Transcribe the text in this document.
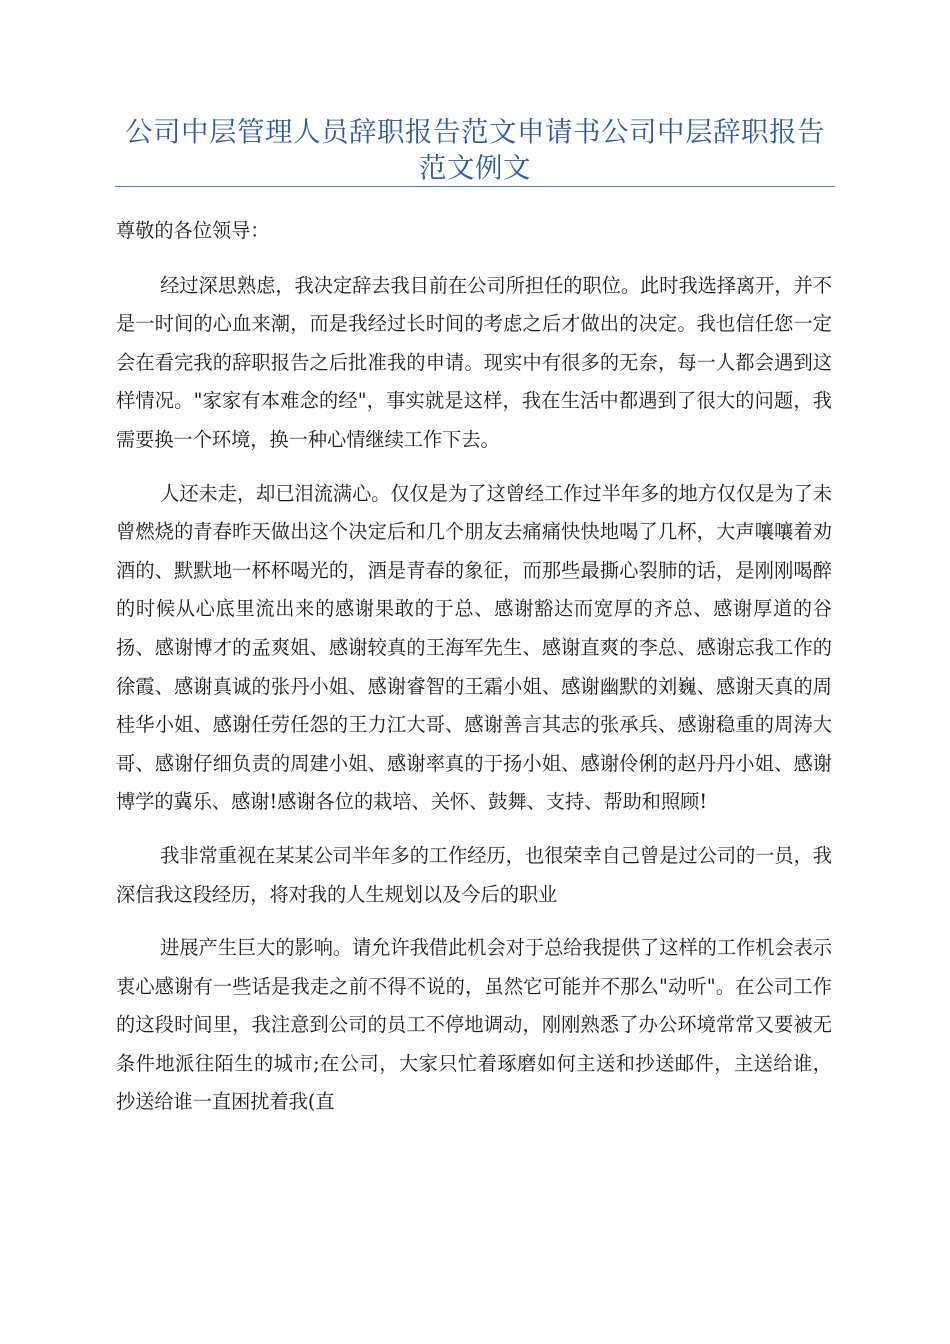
公司中层管理人员辞职报告范文申请书公司中层辞职报告范文例文

尊敬的各位领导：

经过深思熟虑，我决定辞去我目前在公司所担任的职位。此时我选择离开，并不是一时间的心血来潮，而是我经过长时间的考虑之后才做出的决定。我也信任您一定会在看完我的辞职报告之后批准我的申请。现实中有很多的无奈，每一人都会遇到这样情况。"家家有本难念的经"，事实就是这样，我在生活中都遇到了很大的问题，我需要换一个环境，换一种心情继续工作下去。

人还未走，却已泪流满心。仅仅是为了这曾经工作过半年多的地方仅仅是为了未曾燃烧的青春昨天做出这个决定后和几个朋友去痛痛快快地喝了几杯，大声嚷嚷着劝酒的、默默地一杯杯喝光的，酒是青春的象征，而那些最撕心裂肺的话，是刚刚喝醉的时候从心底里流出来的感谢果敢的于总、感谢豁达而宽厚的齐总、感谢厚道的谷扬、感谢博才的孟爽姐、感谢较真的王海军先生、感谢直爽的李总、感谢忘我工作的徐霞、感谢真诚的张丹小姐、感谢睿智的王霜小姐、感谢幽默的刘巍、感谢天真的周桂华小姐、感谢任劳任怨的王力江大哥、感谢善言其志的张承兵、感谢稳重的周涛大哥、感谢仔细负责的周建小姐、感谢率真的于扬小姐、感谢伶俐的赵丹丹小姐、感谢博学的冀乐、感谢!感谢各位的栽培、关怀、鼓舞、支持、帮助和照顾!

我非常重视在某某公司半年多的工作经历，也很荣幸自己曾是过公司的一员，我深信我这段经历，将对我的人生规划以及今后的职业

进展产生巨大的影响。请允许我借此机会对于总给我提供了这样的工作机会表示衷心感谢有一些话是我走之前不得不说的，虽然它可能并不那么"动听"。在公司工作的这段时间里，我注意到公司的员工不停地调动，刚刚熟悉了办公环境常常又要被无条件地派往陌生的城市;在公司，大家只忙着琢磨如何主送和抄送邮件，主送给谁，抄送给谁一直困扰着我(直
